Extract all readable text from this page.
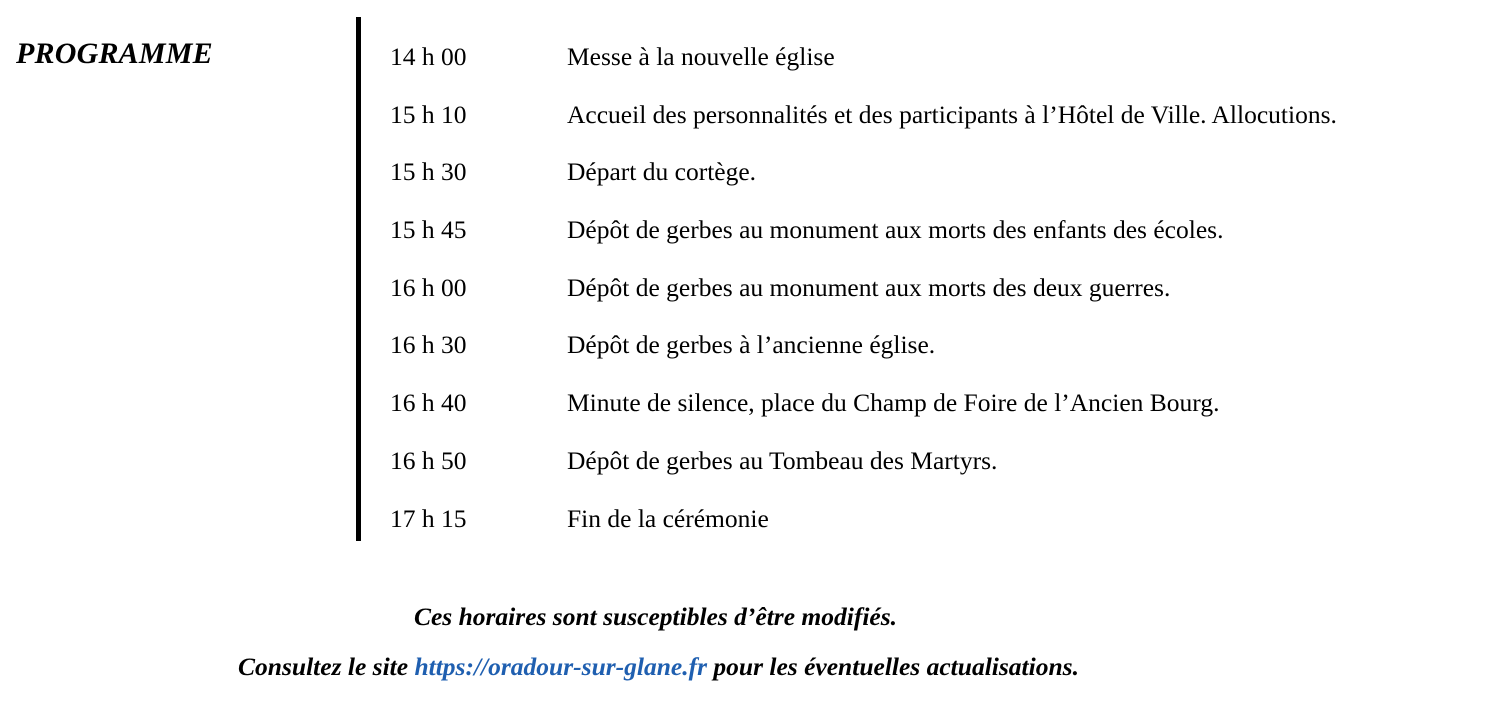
PROGRAMME	14 h 00	Messe à la nouvelle église
15 h 10	Accueil des personnalités et des participants à l’Hôtel de Ville. Allocutions.
15 h 30	Départ du cortège.
15 h 45	Dépôt de gerbes au monument aux morts des enfants des écoles.
16 h 00	Dépôt de gerbes au monument aux morts des deux guerres.
16 h 30	Dépôt de gerbes à l’ancienne église.
16 h 40	Minute de silence, place du Champ de Foire de l’Ancien Bourg.
16 h 50	Dépôt de gerbes au Tombeau des Martyrs.
17 h 15	Fin de la cérémonie

Ces horaires sont susceptibles d’être modifiés.

Consultez le site https://oradour-sur-glane.fr pour les éventuelles actualisations.
